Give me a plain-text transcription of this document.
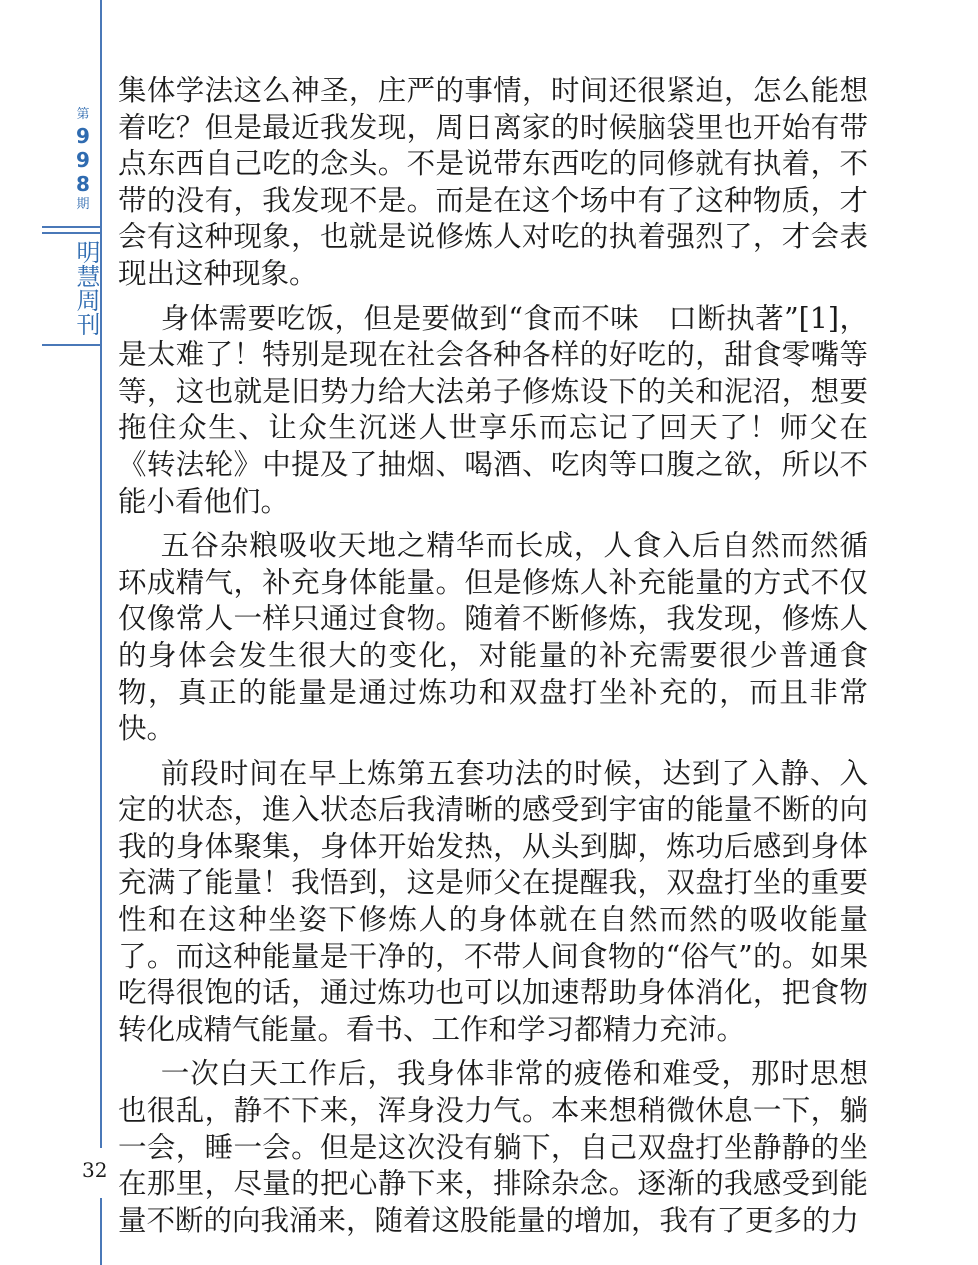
第
9
9
8
期
明慧周刊
32

集体学法这么神圣，庄严的事情，时间还很紧迫，怎么能想着吃？但是最近我发现，周日离家的时候脑袋里也开始有带点东西自己吃的念头。不是说带东西吃的同修就有执着，不带的没有，我发现不是。而是在这个场中有了这种物质，才会有这种现象，也就是说修炼人对吃的执着强烈了，才会表现出这种现象。

身体需要吃饭，但是要做到“食而不味　口断执著”[1]，是太难了！特别是现在社会各种各样的好吃的，甜食零嘴等等，这也就是旧势力给大法弟子修炼设下的关和泥沼，想要拖住众生、让众生沉迷人世享乐而忘记了回天了！师父在《转法轮》中提及了抽烟、喝酒、吃肉等口腹之欲，所以不能小看他们。

五谷杂粮吸收天地之精华而长成，人食入后自然而然循环成精气，补充身体能量。但是修炼人补充能量的方式不仅仅像常人一样只通过食物。随着不断修炼，我发现，修炼人的身体会发生很大的变化，对能量的补充需要很少普通食物，真正的能量是通过炼功和双盘打坐补充的，而且非常快。

前段时间在早上炼第五套功法的时候，达到了入静、入定的状态，進入状态后我清晰的感受到宇宙的能量不断的向我的身体聚集，身体开始发热，从头到脚，炼功后感到身体充满了能量！我悟到，这是师父在提醒我，双盘打坐的重要性和在这种坐姿下修炼人的身体就在自然而然的吸收能量了。而这种能量是干净的，不带人间食物的“俗气”的。如果吃得很饱的话，通过炼功也可以加速帮助身体消化，把食物转化成精气能量。看书、工作和学习都精力充沛。

一次白天工作后，我身体非常的疲倦和难受，那时思想也很乱，静不下来，浑身没力气。本来想稍微休息一下，躺一会，睡一会。但是这次没有躺下，自己双盘打坐静静的坐在那里，尽量的把心静下来，排除杂念。逐渐的我感受到能量不断的向我涌来，随着这股能量的增加，我有了更多的力
